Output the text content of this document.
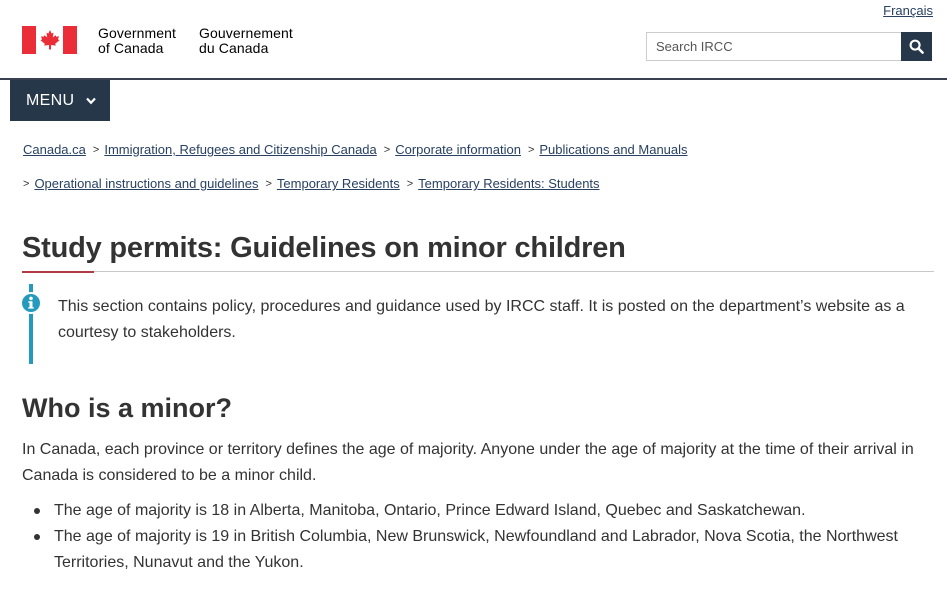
Français
Government
of Canada
Gouvernement
du Canada	Search IRCC
MENU
Canada.ca > Immigration, Refugees and Citizenship Canada > Corporate information > Publications and Manuals
> Operational instructions and guidelines > Temporary Residents > Temporary Residents: Students
Study permits: Guidelines on minor children

This section contains policy, procedures and guidance used by IRCC staff. It is posted on the department’s website as a courtesy to stakeholders.

Who is a minor?

In Canada, each province or territory defines the age of majority. Anyone under the age of majority at the time of their arrival in Canada is considered to be a minor child.

The age of majority is 18 in Alberta, Manitoba, Ontario, Prince Edward Island, Quebec and Saskatchewan.
The age of majority is 19 in British Columbia, New Brunswick, Newfoundland and Labrador, Nova Scotia, the Northwest Territories, Nunavut and the Yukon.
